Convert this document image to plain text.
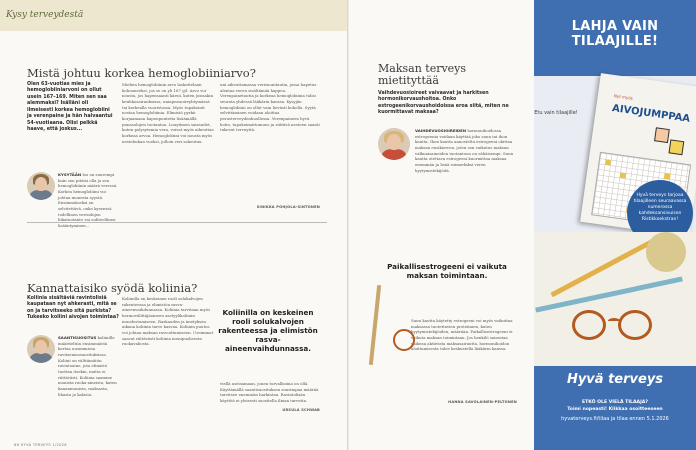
Kysy terveydestä
Mistä johtuu korkea hemoglobiiniarvo?
Olen 63-vuotias mies ja hemoglobiiniarvoni on ollut usein 167–169. Miten sen saa alemmaksi? Isälläni oli ilmeisesti korkea hemoglobiini ja verenpaine ja hän halvaantui 54-vuotiaana. Olisi pelkkä haave, että joskus...
KYSYTÄÄN Iso on suurempi kuin sen pitäisi olla ja sen hemoglobiinin määrä veressä. Korkea hemoglobiini voi johtua monesta syystä. Ensimmäiseksi on selvitettävä, onko kyseessä todellinen verisolujen liikatuotanto vai suhteellinen lisääntyminen...
Miehen hemoglobiinin arvo laskettelaan kohonneeksi, jos se on yli 167 g/l. Arvo voi nousta, jos hapensaanti kärsii, kuten joissakin keuhkosairauksissa, uniapneaoireyhtymässä tai korkealla vuoristossa. Myös tupakointi nostaa hemoglobiinia. Elimistö pyrkii korjaamaan hapenpuutetta lisäämällä punasolujen tuotantoa. Luuytimen sairaudet, kuten polysytemia vera, voivat myös aiheuttaa korkeaa arvoa. Hemoglobiini voi nousta myös nestehukan vuoksi, jolloin veri sakeutuu.
uni aiheuttamassa verisuonitautia, jossa hapetus alentaa veren sisältämää happea. Verenpainetautia ja korkeaa hemoglobiinia tulisi seurata yhdessä lääkärin kanssa. Kysyjän hemoglobiini on ollut vain lievästi koholla. Syytä selvittäminen voidaan aloittaa perusterveydenhuollossa. Verenpaineen hyvä hoito, tupakoimattomuus ja riittävä nesteen saanti tukevat terveyttä.
SINIKKA POHJOLA-SINTONEN
Kannattaisiko syödä koliinia?
Koliinia sisältäviä ravintolisiä kaupataan nyt ahkerasti, mitä se on ja tarvitseeko sitä purkista? Tukeeko koliini aivojen toimintaa?
SAANTISUOSITUS koliinille määriteltiin ensimmäistä kertaa uusimmissa ravitsemussuosituksissa. Koliini on välttämätön ravintoaine, jota elimistö tuottaa itsekin, mutta ei riittävästi. Koliinia saamme monista ruoka-aineista, kuten kananmunista, maksasta, lihasta ja kalasta.
Koliinilla on keskeinen rooli solukalvojen rakenteessa ja elimistön rasva-aineenvaihdunnassa. Koliinia tarvitaan myös hermovälittäjäaineen asetyylikoliinin muodostumiseen. Raskauden ja imetyksen aikana koliinin tarve kasvaa. Koliinin puutos voi johtaa maksan rasvoittumiseen. Useimmat saavat riittävästi koliinia monipuolisesta ruokavaliosta.
Koliinilla on keskeinen rooli solukalvojen rakenteessa ja elimistön rasvaaineenvaihdunnassa.
viellä aseisamaan, jonen turvallisima on ollä. Käyttämällä saantisuosituksen suurimpaa määrää tarvitsee enemmän harkintaa. Ravintolisän käyttöä ei yleisesti suositella ilman tarvetta.
URSULA SCHWAB
66 HYVÄ TERVEYS 1/2026
Maksan terveys mietityttää
Vaihdevuosioireet vaivaavat ja harkitsen hormonikorvaushoitoa. Onko estrogeenikorvaushoidoissa eroa siitä, miten ne kuormittavat maksaa?
VAIHDEVUOSIOIREIDEN hormonihoidossa estrogeenia voidaan käyttää joko suun tai ihon kautta. Ihon kautta annosteltu estrogeeni ohittaa maksan ensikierron, joten sen vaikutus maksan valkuaisaineiden tuotantoon on vähäisempi. Suun kautta otettava estrogeeni kuormittaa maksaa enemmän ja lisää esimerkiksi veren hyytymistekijöitä.
Paikallisestrogeeni ei vaikuta maksan toimintaan.
Suun kautta käytetty estrogeeni voi myös vaikuttaa maksassa tuotettavien proteiinien, kuten hyytymistekijöiden, määrään. Paikallisestrogeeni ei vaikuta maksan toimintaan. Jos henkilö sairastaa vaikeaa aktiivista maksasairautta, hormonihoidon aloittamisesta tulee keskustella lääkärin kanssa.
HANNA SAVOLAINEN-PELTONEN
LAHJA VAIN TILAAJILLE!
Etu vain tilaajille!
Nyt myös
AIVOJUMPPAA
Hyvä terveys tarjoaa tilaajilleen seuraavassa numerossa kahdeksansivuisen Ristikkoekstran!
Hyvä terveys
ETKÖ OLE VIELÄ TILAAJA?
Toimi nopeasti! Klikkaa osoitteeseen
hyvaterveys.fi/tilaa ja tilaa ennen 5.1.2026
